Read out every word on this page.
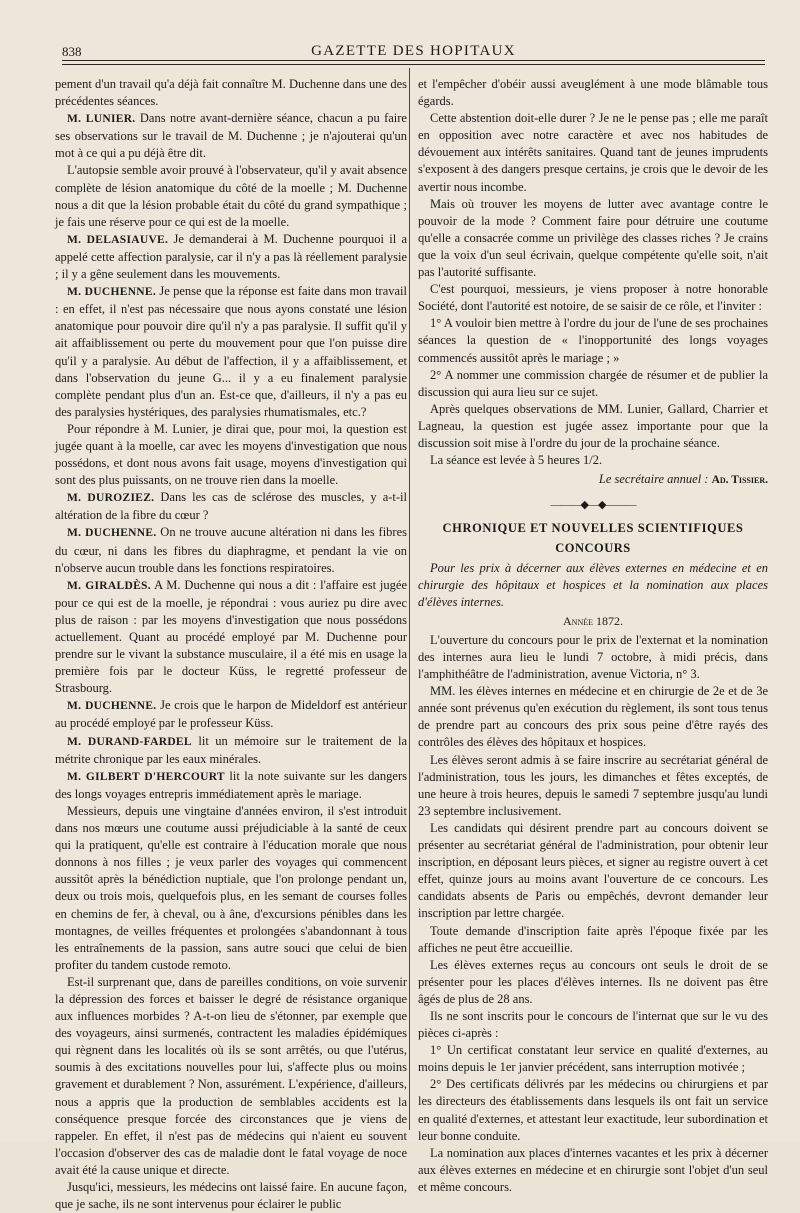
838	GAZETTE DES HOPITAUX

pement d'un travail qu'a déjà fait connaître M. Duchenne dans une des précédentes séances.

M. LUNIER. Dans notre avant-dernière séance, chacun a pu faire ses observations sur le travail de M. Duchenne ; je n'ajouterai qu'un mot à ce qui a pu déjà être dit.

L'autopsie semble avoir prouvé à l'observateur, qu'il y avait absence complète de lésion anatomique du côté de la moelle ; M. Duchenne nous a dit que la lésion probable était du côté du grand sympathique ; je fais une réserve pour ce qui est de la moelle.

M. DELASIAUVE. Je demanderai à M. Duchenne pourquoi il a appelé cette affection paralysie, car il n'y a pas là réellement paralysie ; il y a gêne seulement dans les mouvements.

M. DUCHENNE. Je pense que la réponse est faite dans mon travail : en effet, il n'est pas nécessaire que nous ayons constaté une lésion anatomique pour pouvoir dire qu'il n'y a pas paralysie. Il suffit qu'il y ait affaiblissement ou perte du mouvement pour que l'on puisse dire qu'il y a paralysie. Au début de l'affection, il y a affaiblissement, et dans l'observation du jeune G... il y a eu finalement paralysie complète pendant plus d'un an. Est-ce que, d'ailleurs, il n'y a pas eu des paralysies hystériques, des paralysies rhumatismales, etc.?

Pour répondre à M. Lunier, je dirai que, pour moi, la question est jugée quant à la moelle, car avec les moyens d'investigation que nous possédons, et dont nous avons fait usage, moyens d'investigation qui sont des plus puissants, on ne trouve rien dans la moelle.

M. DUROZIEZ. Dans les cas de sclérose des muscles, y a-t-il altération de la fibre du cœur ?

M. DUCHENNE. On ne trouve aucune altération ni dans les fibres du cœur, ni dans les fibres du diaphragme, et pendant la vie on n'observe aucun trouble dans les fonctions respiratoires.

M. GIRALDÈS. A M. Duchenne qui nous a dit : l'affaire est jugée pour ce qui est de la moelle, je répondrai : vous auriez pu dire avec plus de raison : par les moyens d'investigation que nous possédons actuellement. Quant au procédé employé par M. Duchenne pour prendre sur le vivant la substance musculaire, il a été mis en usage la première fois par le docteur Küss, le regretté professeur de Strasbourg.

M. DUCHENNE. Je crois que le harpon de Mideldorf est antérieur au procédé employé par le professeur Küss.

M. DURAND-FARDEL lit un mémoire sur le traitement de la métrite chronique par les eaux minérales.

M. GILBERT D'HERCOURT lit la note suivante sur les dangers des longs voyages entrepris immédiatement après le mariage.

Messieurs, depuis une vingtaine d'années environ, il s'est introduit dans nos mœurs une coutume aussi préjudiciable à la santé de ceux qui la pratiquent, qu'elle est contraire à l'éducation morale que nous donnons à nos filles ; je veux parler des voyages qui commencent aussitôt après la bénédiction nuptiale, que l'on prolonge pendant un, deux ou trois mois, quelquefois plus, en les semant de courses folles en chemins de fer, à cheval, ou à âne, d'excursions pénibles dans les montagnes, de veilles fréquentes et prolongées s'abandonnant à tous les entraînements de la passion, sans autre souci que celui de bien profiter du tandem custode remoto.

Est-il surprenant que, dans de pareilles conditions, on voie survenir la dépression des forces et baisser le degré de résistance organique aux influences morbides ? A-t-on lieu de s'étonner, par exemple que des voyageurs, ainsi surmenés, contractent les maladies épidémiques qui règnent dans les localités où ils se sont arrêtés, ou que l'utérus, soumis à des excitations nouvelles pour lui, s'affecte plus ou moins gravement et durablement ? Non, assurément. L'expérience, d'ailleurs, nous a appris que la production de semblables accidents est la conséquence presque forcée des circonstances que je viens de rappeler. En effet, il n'est pas de médecins qui n'aient eu souvent l'occasion d'observer des cas de maladie dont le fatal voyage de noce avait été la cause unique et directe.

Jusqu'ici, messieurs, les médecins ont laissé faire. En aucune façon, que je sache, ils ne sont intervenus pour éclairer le public

et l'empêcher d'obéir aussi aveuglément à une mode blâmable tous égards.

Cette abstention doit-elle durer ? Je ne le pense pas ; elle me paraît en opposition avec notre caractère et avec nos habitudes de dévouement aux intérêts sanitaires. Quand tant de jeunes imprudents s'exposent à des dangers presque certains, je crois que le devoir de les avertir nous incombe.

Mais où trouver les moyens de lutter avec avantage contre le pouvoir de la mode ? Comment faire pour détruire une coutume qu'elle a consacrée comme un privilège des classes riches ? Je crains que la voix d'un seul écrivain, quelque compétente qu'elle soit, n'ait pas l'autorité suffisante.

C'est pourquoi, messieurs, je viens proposer à notre honorable Société, dont l'autorité est notoire, de se saisir de ce rôle, et l'inviter :

1° A vouloir bien mettre à l'ordre du jour de l'une de ses prochaines séances la question de « l'inopportunité des longs voyages commencés aussitôt après le mariage ; »

2° A nommer une commission chargée de résumer et de publier la discussion qui aura lieu sur ce sujet.

Après quelques observations de MM. Lunier, Gallard, Charrier et Lagneau, la question est jugée assez importante pour que la discussion soit mise à l'ordre du jour de la prochaine séance.

La séance est levée à 5 heures 1/2.

Le secrétaire annuel : Ad. Tissier.
———◆—◆———
CHRONIQUE ET NOUVELLES SCIENTIFIQUES
CONCOURS

Pour les prix à décerner aux élèves externes en médecine et en chirurgie des hôpitaux et hospices et la nomination aux places d'élèves internes.

Année 1872.

L'ouverture du concours pour le prix de l'externat et la nomination des internes aura lieu le lundi 7 octobre, à midi précis, dans l'amphithéâtre de l'administration, avenue Victoria, n° 3.

MM. les élèves internes en médecine et en chirurgie de 2e et de 3e année sont prévenus qu'en exécution du règlement, ils sont tous tenus de prendre part au concours des prix sous peine d'être rayés des contrôles des élèves des hôpitaux et hospices.

Les élèves seront admis à se faire inscrire au secrétariat général de l'administration, tous les jours, les dimanches et fêtes exceptés, de une heure à trois heures, depuis le samedi 7 septembre jusqu'au lundi 23 septembre inclusivement.

Les candidats qui désirent prendre part au concours doivent se présenter au secrétariat général de l'administration, pour obtenir leur inscription, en déposant leurs pièces, et signer au registre ouvert à cet effet, quinze jours au moins avant l'ouverture de ce concours. Les candidats absents de Paris ou empêchés, devront demander leur inscription par lettre chargée.

Toute demande d'inscription faite après l'époque fixée par les affiches ne peut être accueillie.

Les élèves externes reçus au concours ont seuls le droit de se présenter pour les places d'élèves internes. Ils ne doivent pas être âgés de plus de 28 ans.

Ils ne sont inscrits pour le concours de l'internat que sur le vu des pièces ci-après :

1° Un certificat constatant leur service en qualité d'externes, au moins depuis le 1er janvier précédent, sans interruption motivée ;

2° Des certificats délivrés par les médecins ou chirurgiens et par les directeurs des établissements dans lesquels ils ont fait un service en qualité d'externes, et attestant leur exactitude, leur subordination et leur bonne conduite.

La nomination aux places d'internes vacantes et les prix à décerner aux élèves externes en médecine et en chirurgie sont l'objet d'un seul et même concours.
